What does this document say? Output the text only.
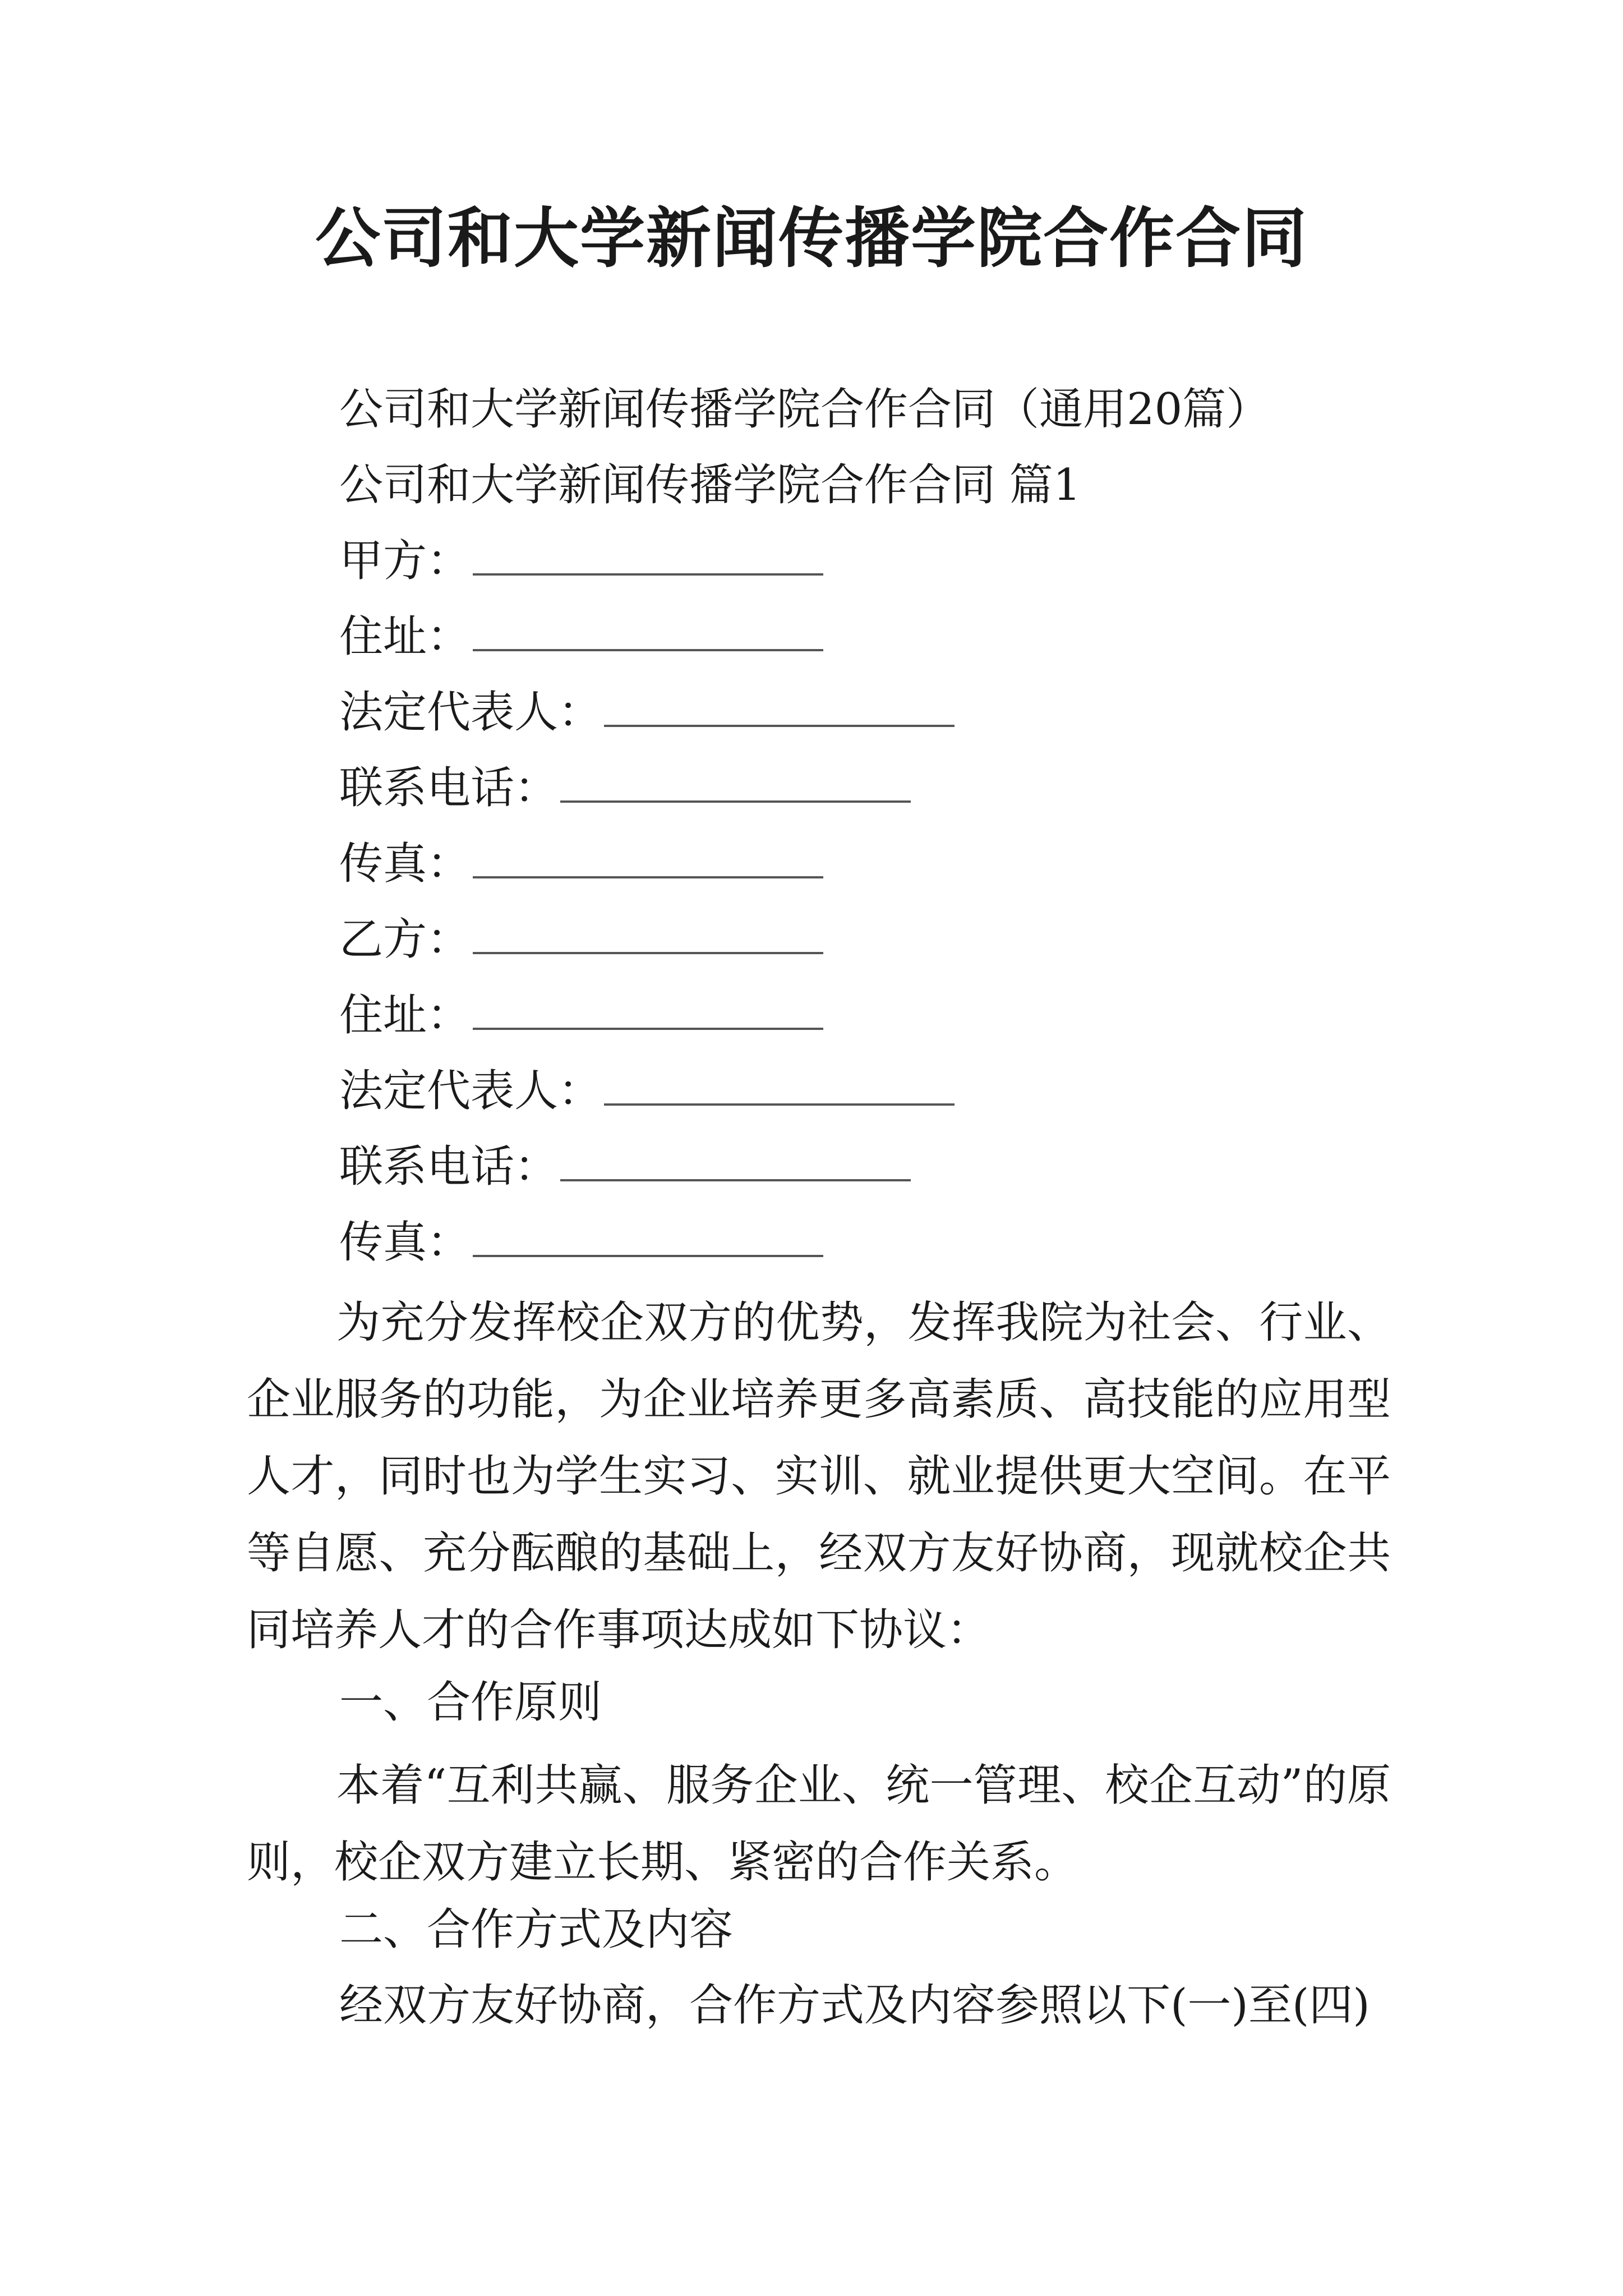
公司和大学新闻传播学院合作合同
公司和大学新闻传播学院合作合同（通用20篇）
公司和大学新闻传播学院合作合同 篇1
甲方：
住址：
法定代表人：
联系电话：
传真：
乙方：
住址：
法定代表人：
联系电话：
传真：

为充分发挥校企双方的优势，发挥我院为社会、行业、企业服务的功能，为企业培养更多高素质、高技能的应用型人才，同时也为学生实习、实训、就业提供更大空间。在平等自愿、充分酝酿的基础上，经双方友好协商，现就校企共同培养人才的合作事项达成如下协议：

一、合作原则

本着“互利共赢、服务企业、统一管理、校企互动”的原则，校企双方建立长期、紧密的合作关系。

二、合作方式及内容
经双方友好协商，合作方式及内容参照以下(一)至(四)
